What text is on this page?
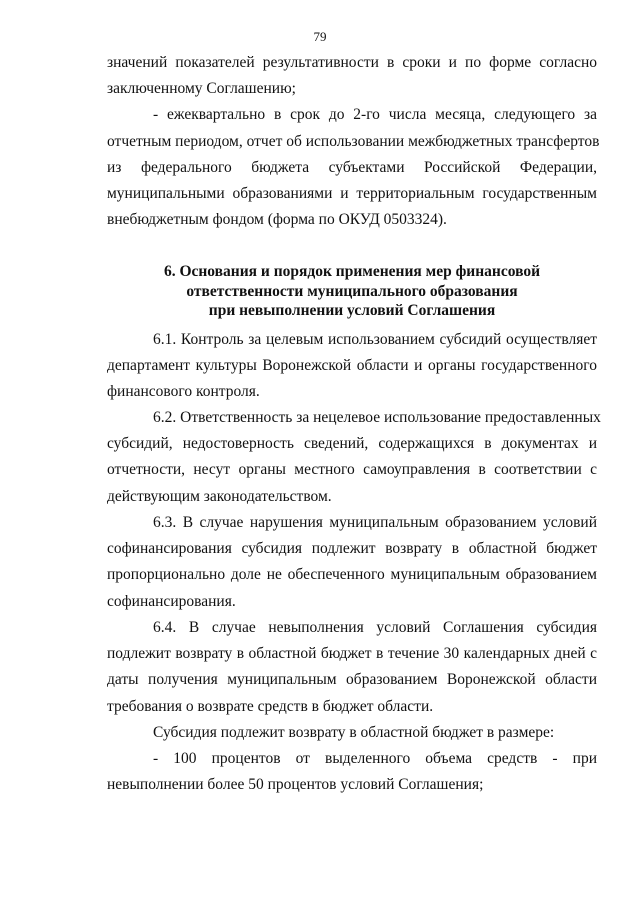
79
значений показателей результативности в сроки и по форме согласно
заключенному Соглашению;
- ежеквартально в срок до 2-го числа месяца, следующего за
отчетным периодом, отчет об использовании межбюджетных трансфертов
из федерального бюджета субъектами Российской Федерации,
муниципальными образованиями и территориальным государственным
внебюджетным фондом (форма по ОКУД 0503324).
6. Основания и порядок применения мер финансовой
ответственности муниципального образования
при невыполнении условий Соглашения
6.1. Контроль за целевым использованием субсидий осуществляет
департамент культуры Воронежской области и органы государственного
финансового контроля.
6.2. Ответственность за нецелевое использование предоставленных
субсидий, недостоверность сведений, содержащихся в документах и
отчетности, несут органы местного самоуправления в соответствии с
действующим законодательством.
6.3. В случае нарушения муниципальным образованием условий
софинансирования субсидия подлежит возврату в областной бюджет
пропорционально доле не обеспеченного муниципальным образованием
софинансирования.
6.4. В случае невыполнения условий Соглашения субсидия
подлежит возврату в областной бюджет в течение 30 календарных дней с
даты получения муниципальным образованием Воронежской области
требования о возврате средств в бюджет области.
Субсидия подлежит возврату в областной бюджет в размере:
- 100 процентов от выделенного объема средств - при
невыполнении более 50 процентов условий Соглашения;
